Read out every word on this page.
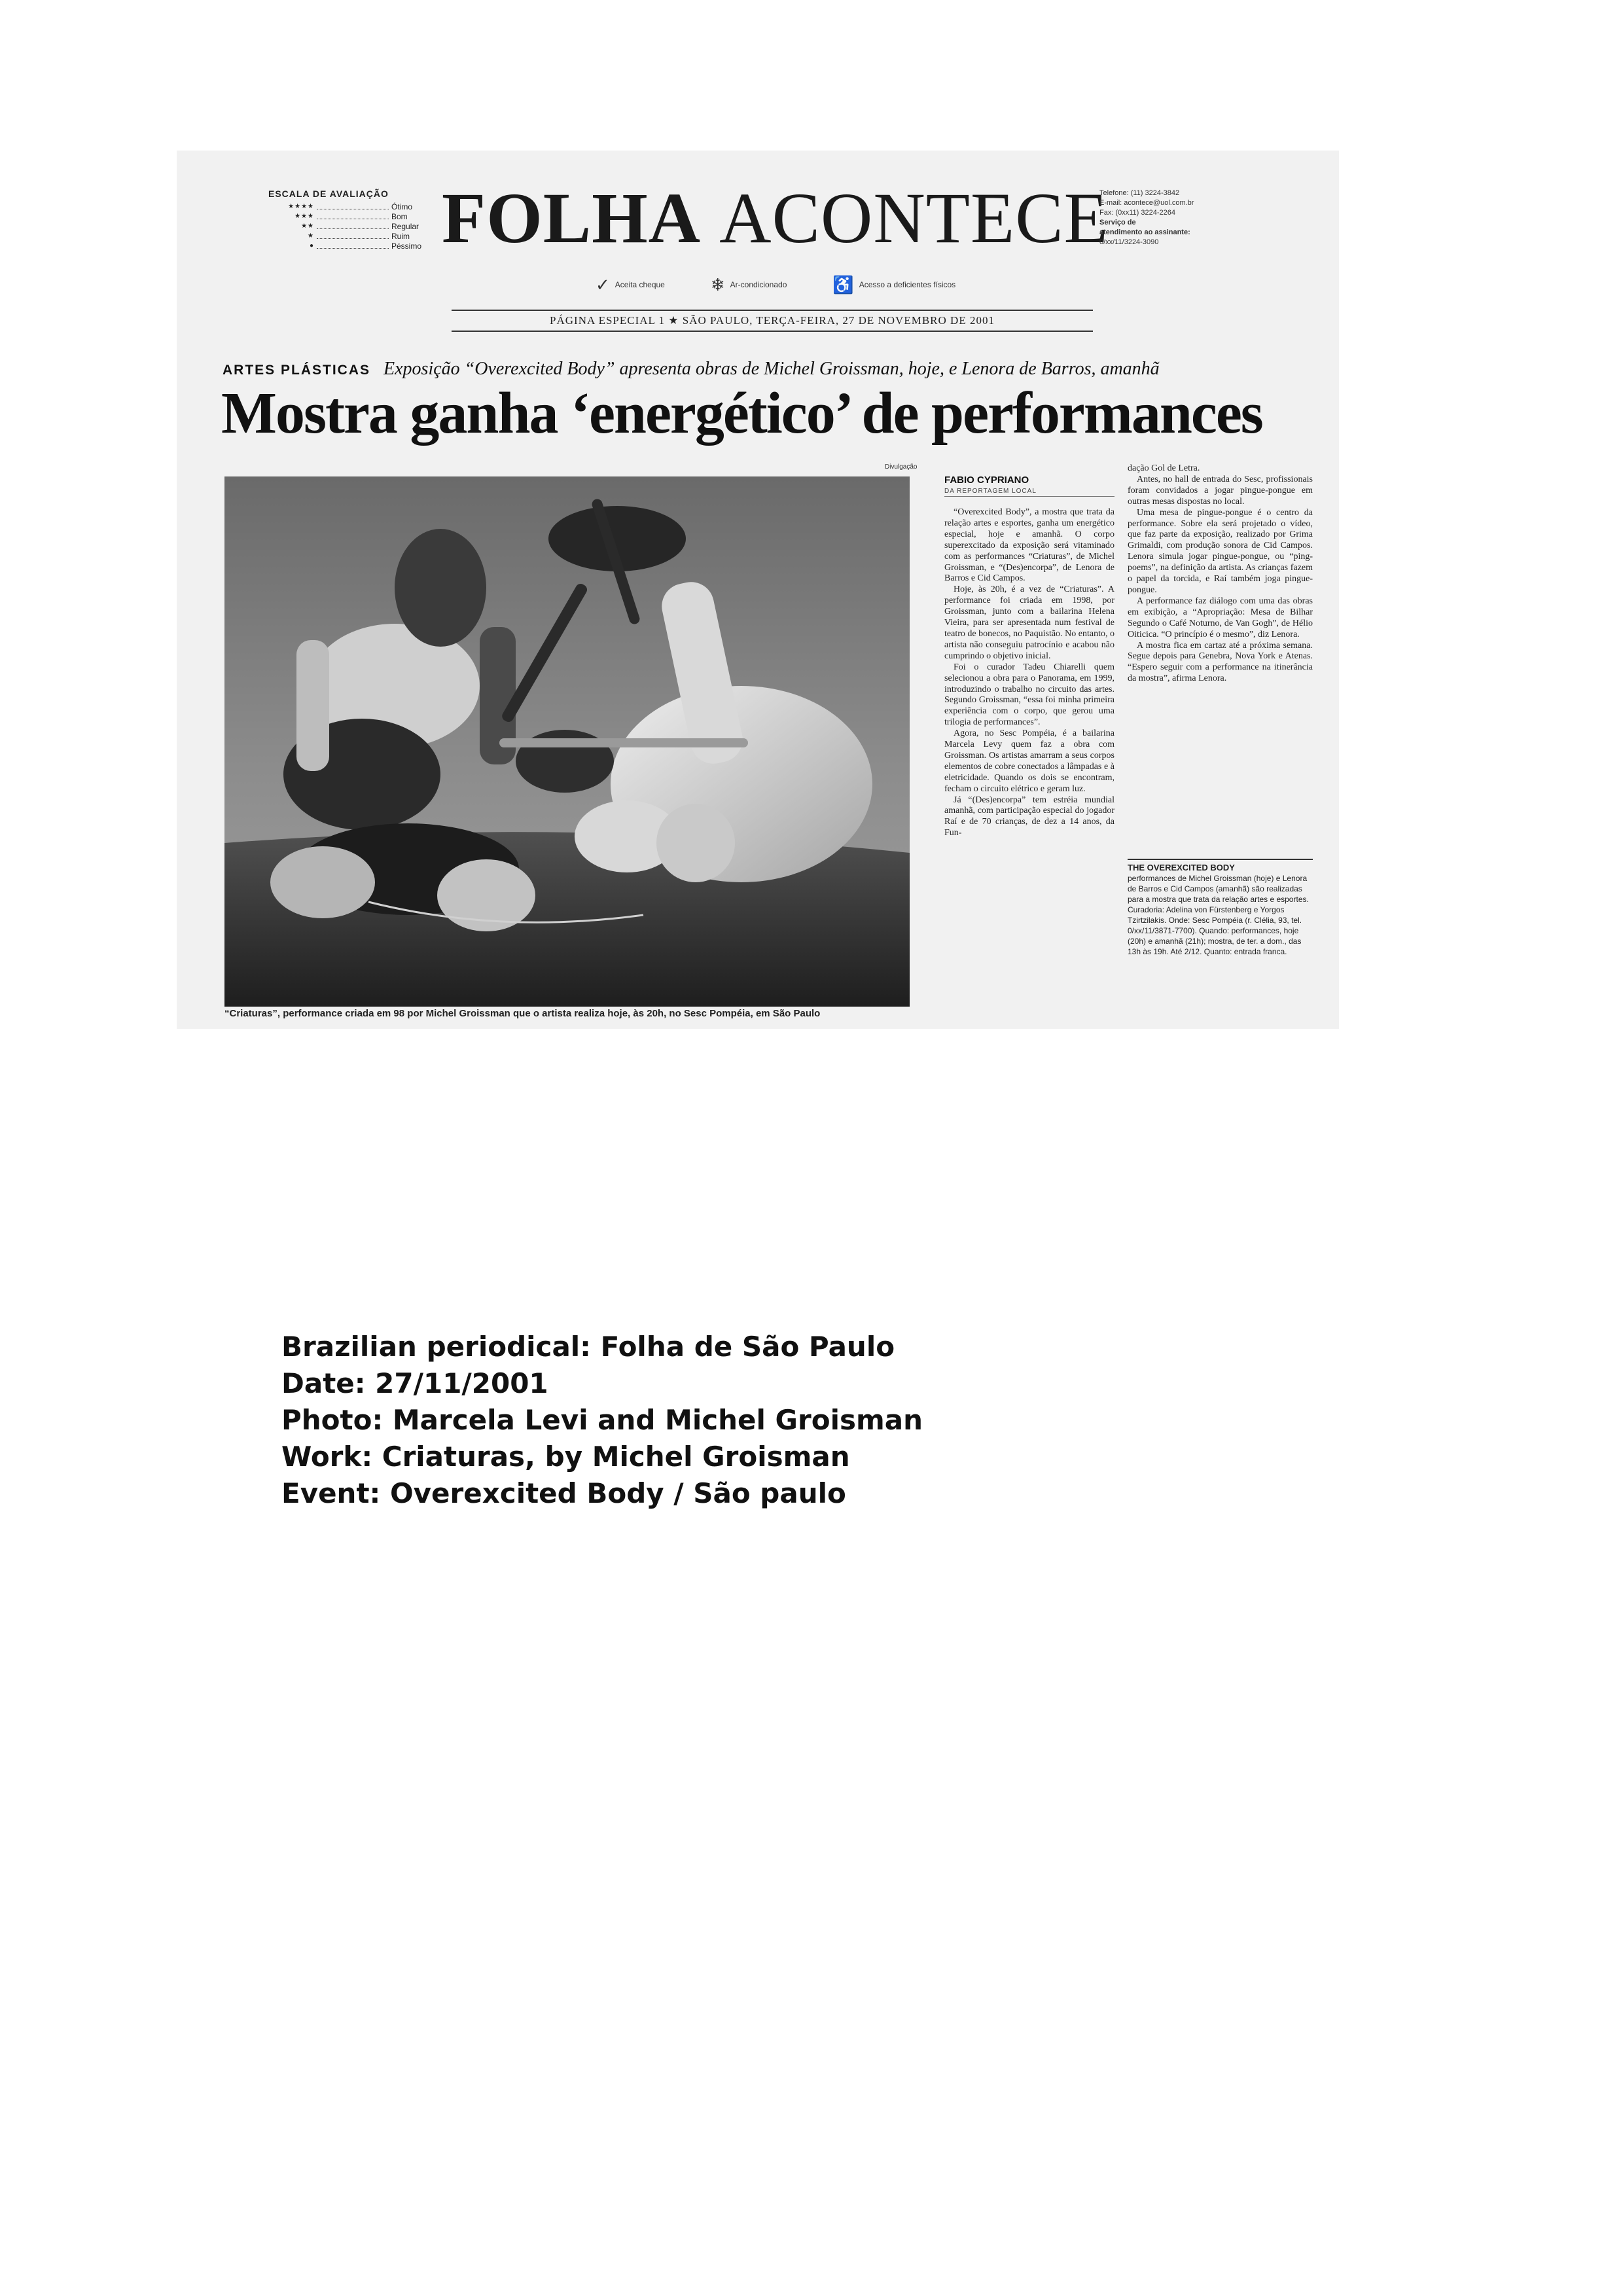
ESCALA DE AVALIAÇÃO
★★★★	Ótimo
★★★	Bom
★★	Regular
★	Ruim
●	Péssimo FOLHA ACONTECE
Telefone: (11) 3224-3842
E-mail: acontece@uol.com.br
Fax: (0xx11) 3224-2264
Serviço de
atendimento ao assinante:
0/xx/11/3224-3090
✓ Aceita cheque	❄ Ar-condicionado	♿ Acesso a deficientes físicos
PÁGINA ESPECIAL 1 ★ SÃO PAULO, TERÇA-FEIRA, 27 DE NOVEMBRO DE 2001
ARTES PLÁSTICAS Exposição “Overexcited Body” apresenta obras de Michel Groissman, hoje, e Lenora de Barros, amanhã
Mostra ganha ‘energético’ de performances
Divulgação
“Criaturas”, performance criada em 98 por Michel Groissman que o artista realiza hoje, às 20h, no Sesc Pompéia, em São Paulo
FABIO CYPRIANO
DA REPORTAGEM LOCAL

“Overexcited Body”, a mostra que trata da relação artes e esportes, ganha um energético especial, hoje e amanhã. O corpo superexcitado da exposição será vitaminado com as performances “Criaturas”, de Michel Groissman, e “(Des)encorpa”, de Lenora de Barros e Cid Campos.

Hoje, às 20h, é a vez de “Criaturas”. A performance foi criada em 1998, por Groissman, junto com a bailarina Helena Vieira, para ser apresentada num festival de teatro de bonecos, no Paquistão. No entanto, o artista não conseguiu patrocínio e acabou não cumprindo o objetivo inicial.

Foi o curador Tadeu Chiarelli quem selecionou a obra para o Panorama, em 1999, introduzindo o trabalho no circuito das artes. Segundo Groissman, “essa foi minha primeira experiência com o corpo, que gerou uma trilogia de performances”.

Agora, no Sesc Pompéia, é a bailarina Marcela Levy quem faz a obra com Groissman. Os artistas amarram a seus corpos elementos de cobre conectados a lâmpadas e à eletricidade. Quando os dois se encontram, fecham o circuito elétrico e geram luz.

Já “(Des)encorpa” tem estréia mundial amanhã, com participação especial do jogador Raí e de 70 crianças, de dez a 14 anos, da Fun-

dação Gol de Letra.

Antes, no hall de entrada do Sesc, profissionais foram convidados a jogar pingue-pongue em outras mesas dispostas no local.

Uma mesa de pingue-pongue é o centro da performance. Sobre ela será projetado o vídeo, que faz parte da exposição, realizado por Grima Grimaldi, com produção sonora de Cid Campos. Lenora simula jogar pingue-pongue, ou “ping-poems”, na definição da artista. As crianças fazem o papel da torcida, e Raí também joga pingue-pongue.

A performance faz diálogo com uma das obras em exibição, a “Apropriação: Mesa de Bilhar Segundo o Café Noturno, de Van Gogh”, de Hélio Oiticica. “O princípio é o mesmo”, diz Lenora.

A mostra fica em cartaz até a próxima semana. Segue depois para Genebra, Nova York e Atenas. “Espero seguir com a performance na itinerância da mostra”, afirma Lenora.

THE OVEREXCITED BODY
performances de Michel Groissman (hoje) e Lenora de Barros e Cid Campos (amanhã) são realizadas para a mostra que trata da relação artes e esportes. Curadoria: Adelina von Fürstenberg e Yorgos Tzirtzilakis. Onde: Sesc Pompéia (r. Clélia, 93, tel. 0/xx/11/3871-7700). Quando: performances, hoje (20h) e amanhã (21h); mostra, de ter. a dom., das 13h às 19h. Até 2/12. Quanto: entrada franca.
Brazilian periodical: Folha de São Paulo
Date: 27/11/2001
Photo: Marcela Levi and Michel Groisman
Work: Criaturas, by Michel Groisman
Event: Overexcited Body / São paulo
